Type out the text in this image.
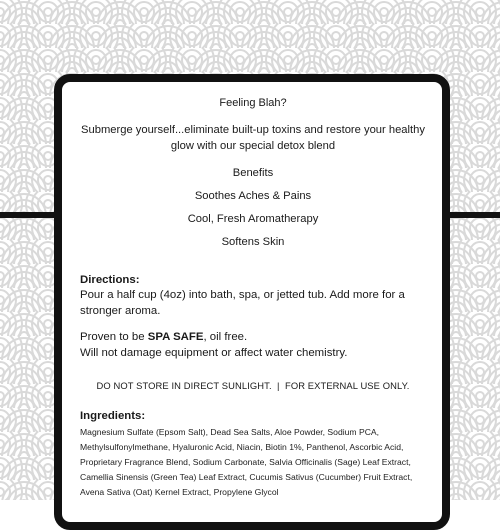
Feeling Blah?

Submerge yourself...eliminate built-up toxins and restore your healthy glow with our special detox blend

Benefits

Soothes Aches & Pains

Cool, Fresh Aromatherapy

Softens Skin

Directions:

Pour a half cup (4oz) into bath, spa, or jetted tub. Add more for a stronger aroma.

Proven to be SPA SAFE, oil free.

Will not damage equipment or affect water chemistry.

DO NOT STORE IN DIRECT SUNLIGHT.  |  FOR EXTERNAL USE ONLY.

Ingredients:

Magnesium Sulfate (Epsom Salt), Dead Sea Salts, Aloe Powder, Sodium PCA, Methylsulfonylmethane, Hyaluronic Acid, Niacin, Biotin 1%, Panthenol, Ascorbic Acid, Proprietary Fragrance Blend, Sodium Carbonate, Salvia Officinalis (Sage) Leaf Extract, Camellia Sinensis (Green Tea) Leaf Extract, Cucumis Sativus (Cucumber) Fruit Extract, Avena Sativa (Oat) Kernel Extract, Propylene Glycol
